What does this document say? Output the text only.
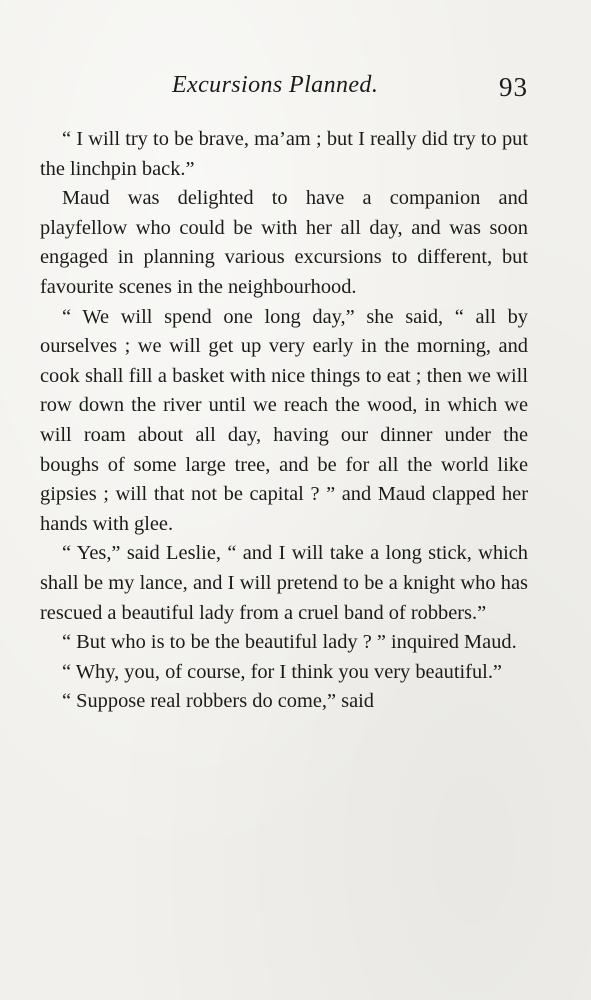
Excursions Planned.	93

“ I will try to be brave, ma’am ; but I really did try to put the linchpin back.”

Maud was delighted to have a companion and playfellow who could be with her all day, and was soon engaged in planning various excursions to different, but favourite scenes in the neighbourhood.

“ We will spend one long day,” she said, “ all by ourselves ; we will get up very early in the morning, and cook shall fill a basket with nice things to eat ; then we will row down the river until we reach the wood, in which we will roam about all day, having our dinner under the boughs of some large tree, and be for all the world like gipsies ; will that not be capital ? ” and Maud clapped her hands with glee.

“ Yes,” said Leslie, “ and I will take a long stick, which shall be my lance, and I will pretend to be a knight who has rescued a beautiful lady from a cruel band of robbers.”

“ But who is to be the beautiful lady ? ” inquired Maud.

“ Why, you, of course, for I think you very beautiful.”

“ Suppose real robbers do come,” said
